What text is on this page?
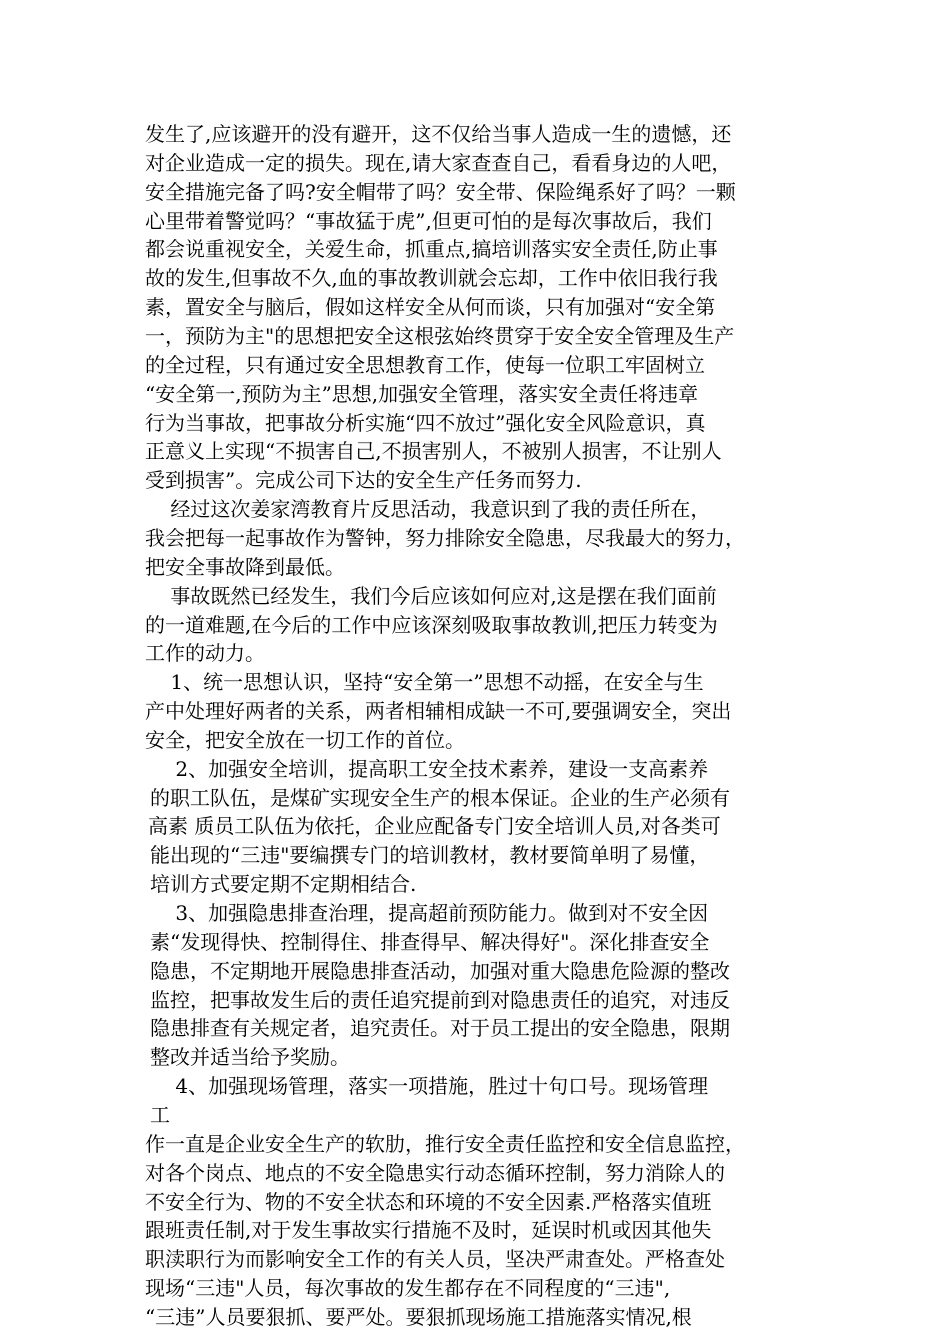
发生了,应该避开的没有避开，这不仅给当事人造成一生的遗憾，还
对企业造成一定的损失。现在,请大家查查自己，看看身边的人吧，
安全措施完备了吗?安全帽带了吗？安全带、保险绳系好了吗？一颗
心里带着警觉吗？“事故猛于虎”,但更可怕的是每次事故后，我们
都会说重视安全，关爱生命，抓重点,搞培训落实安全责任,防止事
故的发生,但事故不久,血的事故教训就会忘却，工作中依旧我行我
素，置安全与脑后，假如这样安全从何而谈，只有加强对“安全第
一，预防为主"的思想把安全这根弦始终贯穿于安全安全管理及生产
的全过程，只有通过安全思想教育工作，使每一位职工牢固树立
“安全第一,预防为主”思想,加强安全管理，落实安全责任将违章
行为当事故，把事故分析实施“四不放过”强化安全风险意识，真
正意义上实现“不损害自己,不损害别人，不被别人损害，不让别人
受到损害”。完成公司下达的安全生产任务而努力.
经过这次姜家湾教育片反思活动，我意识到了我的责任所在，
我会把每一起事故作为警钟，努力排除安全隐患，尽我最大的努力，
把安全事故降到最低。
事故既然已经发生，我们今后应该如何应对,这是摆在我们面前
的一道难题,在今后的工作中应该深刻吸取事故教训,把压力转变为
工作的动力。
1、统一思想认识，坚持“安全第一”思想不动摇，在安全与生
产中处理好两者的关系，两者相辅相成缺一不可,要强调安全，突出
安全，把安全放在一切工作的首位。
2、加强安全培训，提高职工安全技术素养，建设一支高素养
的职工队伍，是煤矿实现安全生产的根本保证。企业的生产必须有
高素 质员工队伍为依托，企业应配备专门安全培训人员,对各类可
能出现的“三违"要编撰专门的培训教材，教材要简单明了易懂，
培训方式要定期不定期相结合.
3、加强隐患排查治理，提高超前预防能力。做到对不安全因
素“发现得快、控制得住、排查得早、解决得好"。深化排查安全
隐患，不定期地开展隐患排查活动，加强对重大隐患危险源的整改
监控，把事故发生后的责任追究提前到对隐患责任的追究，对违反
隐患排查有关规定者，追究责任。对于员工提出的安全隐患，限期
整改并适当给予奖励。
4、加强现场管理，落实一项措施，胜过十句口号。现场管理
工
作一直是企业安全生产的软肋，推行安全责任监控和安全信息监控，
对各个岗点、地点的不安全隐患实行动态循环控制，努力消除人的
不安全行为、物的不安全状态和环境的不安全因素.严格落实值班
跟班责任制,对于发生事故实行措施不及时，延误时机或因其他失
职渎职行为而影响安全工作的有关人员，坚决严肃查处。严格查处
现场“三违"人员，每次事故的发生都存在不同程度的“三违",
“三违”人员要狠抓、要严处。要狠抓现场施工措施落实情况,根
